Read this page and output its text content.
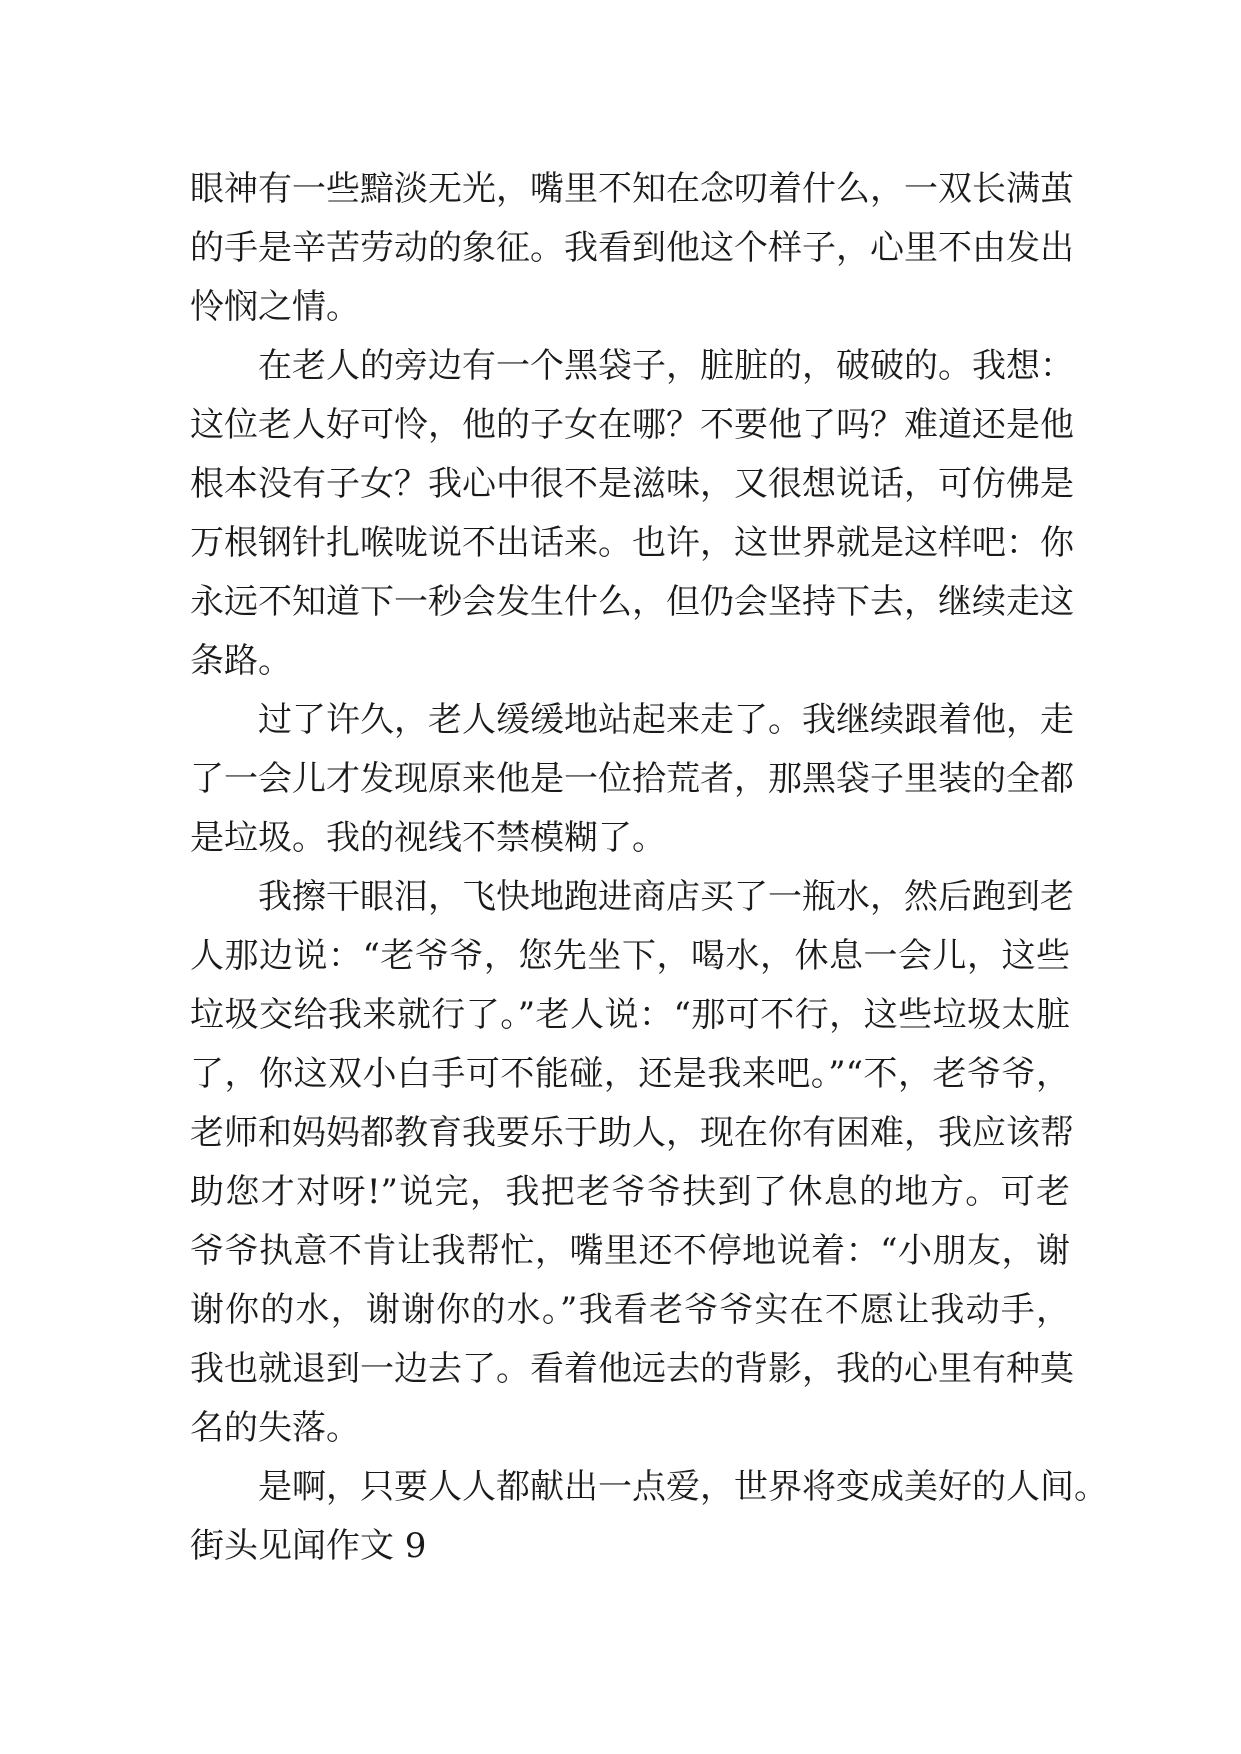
眼神有一些黯淡无光，嘴里不知在念叨着什么，一双长满茧
的手是辛苦劳动的象征。我看到他这个样子，心里不由发出
怜悯之情。
在老人的旁边有一个黑袋子，脏脏的，破破的。我想：
这位老人好可怜，他的子女在哪？不要他了吗？难道还是他
根本没有子女？我心中很不是滋味，又很想说话，可仿佛是
万根钢针扎喉咙说不出话来。也许，这世界就是这样吧：你
永远不知道下一秒会发生什么，但仍会坚持下去，继续走这
条路。
过了许久，老人缓缓地站起来走了。我继续跟着他，走
了一会儿才发现原来他是一位拾荒者，那黑袋子里装的全都
是垃圾。我的视线不禁模糊了。
我擦干眼泪，飞快地跑进商店买了一瓶水，然后跑到老
人那边说：“老爷爷，您先坐下，喝水，休息一会儿，这些
垃圾交给我来就行了。”老人说：“那可不行，这些垃圾太脏
了，你这双小白手可不能碰，还是我来吧。”“不，老爷爷，
老师和妈妈都教育我要乐于助人，现在你有困难，我应该帮
助您才对呀!”说完，我把老爷爷扶到了休息的地方。可老
爷爷执意不肯让我帮忙，嘴里还不停地说着：“小朋友，谢
谢你的水，谢谢你的水。”我看老爷爷实在不愿让我动手，
我也就退到一边去了。看着他远去的背影，我的心里有种莫
名的失落。
是啊，只要人人都献出一点爱，世界将变成美好的人间。
街头见闻作文 9
